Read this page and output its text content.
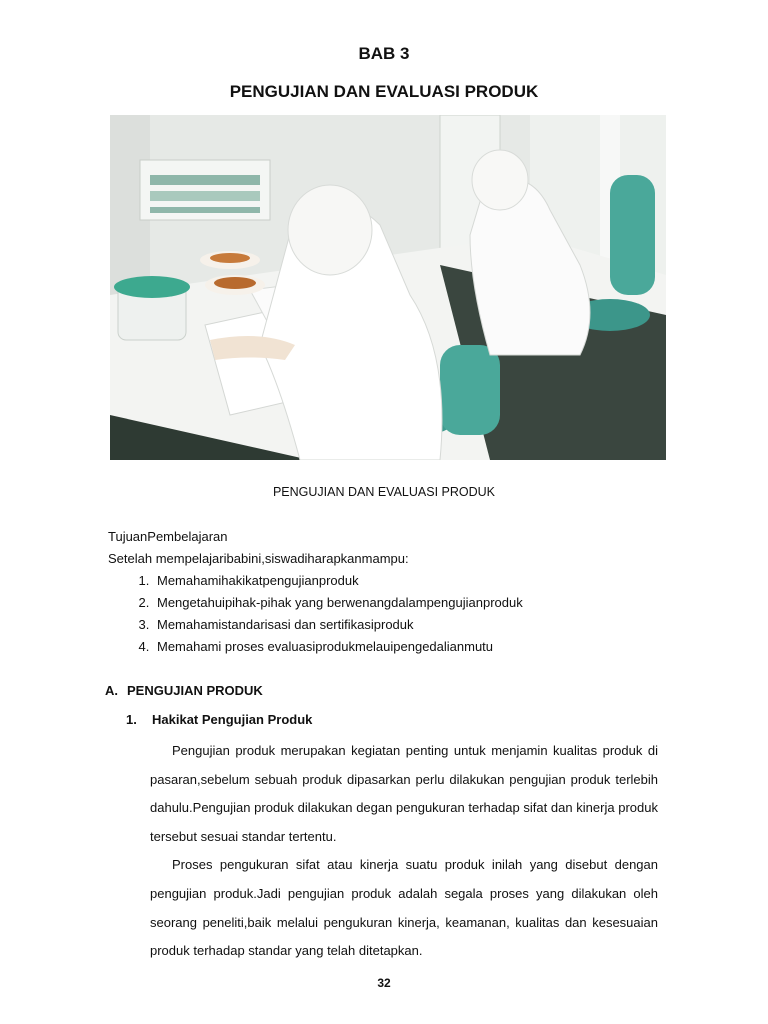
BAB 3
PENGUJIAN DAN EVALUASI PRODUK
PENGUJIAN DAN EVALUASI PRODUK
TujuanPembelajaran
Setelah mempelajaribabini,siswadiharapkanmampu:
1. Memahamihakikatpengujianproduk
2. Mengetahuipihak-pihak yang berwenangdalampengujianproduk
3. Memahamistandarisasi dan sertifikasiproduk
4. Memahami proses evaluasiprodukmelauipengedalianmutu
A. PENGUJIAN PRODUK
1. Hakikat Pengujian Produk

Pengujian produk merupakan kegiatan penting untuk menjamin kualitas produk di pasaran,sebelum sebuah produk dipasarkan perlu dilakukan pengujian produk terlebih dahulu.Pengujian produk dilakukan degan pengukuran terhadap sifat dan kinerja produk tersebut sesuai standar tertentu.

Proses pengukuran sifat atau kinerja suatu produk inilah yang disebut dengan pengujian produk.Jadi pengujian produk adalah segala proses yang dilakukan oleh seorang peneliti,baik melalui pengukuran kinerja, keamanan, kualitas dan kesesuaian produk terhadap standar yang telah ditetapkan.

32
